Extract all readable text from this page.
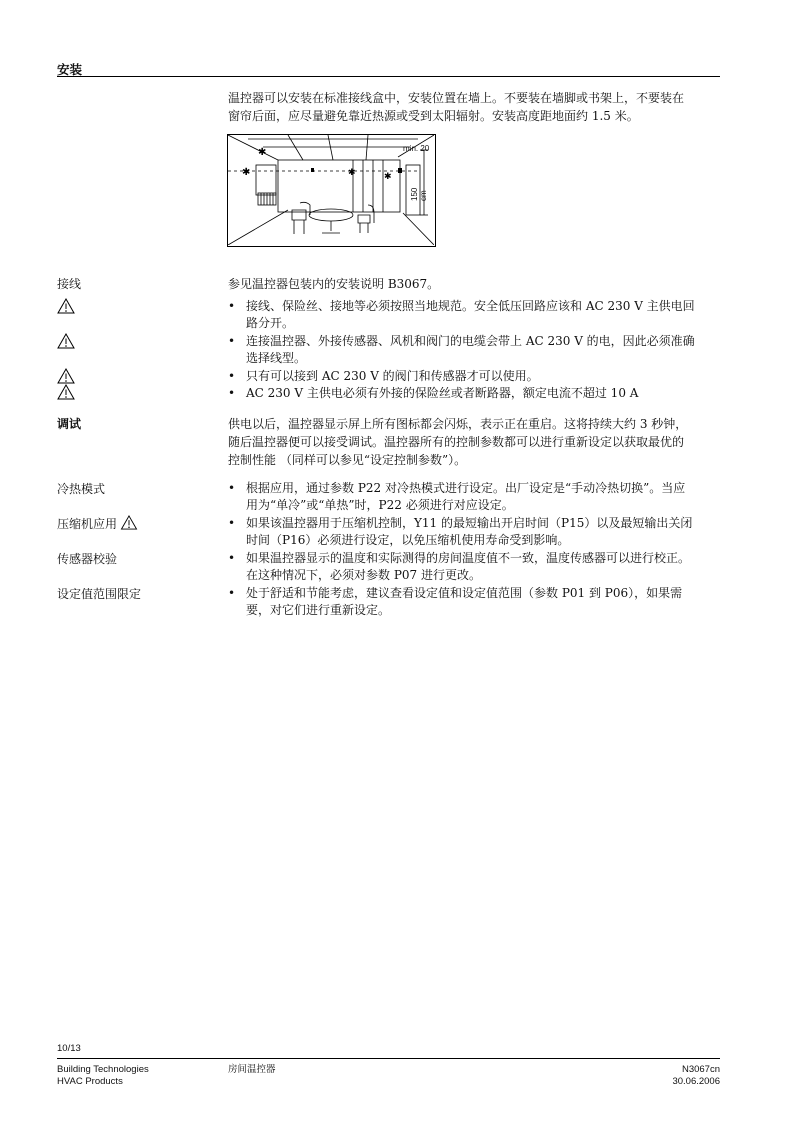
安装
温控器可以安装在标准接线盒中，安装位置在墙上。不要装在墙脚或书架上，不要装在
窗帘后面，应尽量避免靠近热源或受到太阳辐射。安装高度距地面约 1.5 米。
✱
✱
✱	✱
min. 20
150 cm
接线	参见温控器包装内的安装说明 B3067。
• 接线、保险丝、接地等必须按照当地规范。安全低压回路应该和 AC 230 V 主供电回
路分开。
• 连接温控器、外接传感器、风机和阀门的电缆会带上 AC 230 V 的电，因此必须准确
选择线型。
• 只有可以接到 AC 230 V 的阀门和传感器才可以使用。
• AC 230 V 主供电必须有外接的保险丝或者断路器，额定电流不超过 10 A
调试	供电以后，温控器显示屏上所有图标都会闪烁，表示正在重启。这将持续大约 3 秒钟，
随后温控器便可以接受调试。温控器所有的控制参数都可以进行重新设定以获取最优的
控制性能 （同样可以参见“设定控制参数”）。
冷热模式	• 根据应用，通过参数 P22 对冷热模式进行设定。出厂设定是“手动冷热切换”。当应
用为“单冷”或“单热”时，P22 必须进行对应设定。
压缩机应用	• 如果该温控器用于压缩机控制，Y11 的最短输出开启时间（P15）以及最短输出关闭
时间（P16）必须进行设定，以免压缩机使用寿命受到影响。
传感器校验	• 如果温控器显示的温度和实际测得的房间温度值不一致，温度传感器可以进行校正。
在这种情况下，必须对参数 P07 进行更改。
设定值范围限定	• 处于舒适和节能考虑，建议查看设定值和设定值范围（参数 P01 到 P06），如果需
要，对它们进行重新设定。
10/13
Building Technologies
HVAC Products
房间温控器	N3067cn
30.06.2006
